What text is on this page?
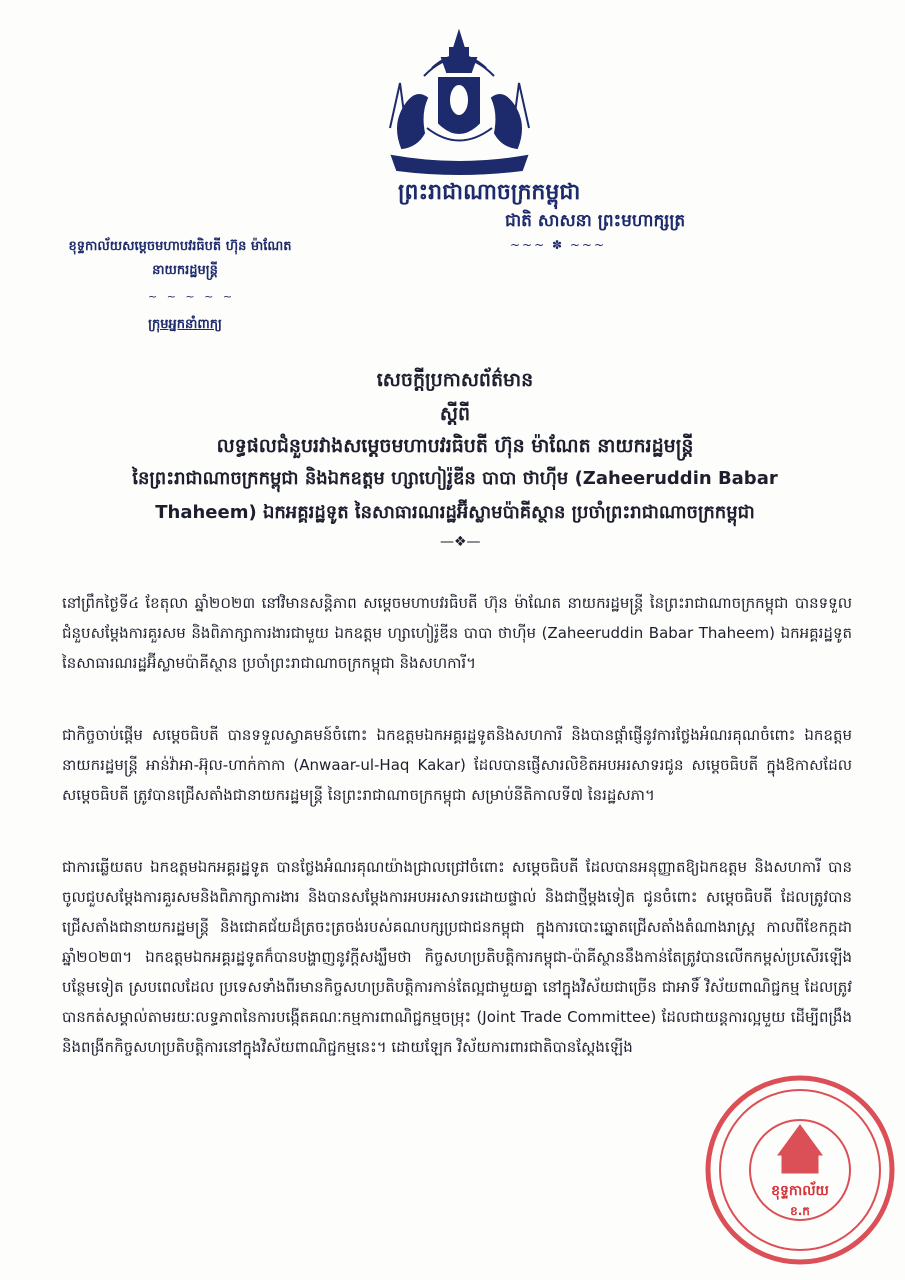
ព្រះរាជាណាចក្រកម្ពុជា
ជាតិ សាសនា ព្រះមហាក្សត្រ
~~~ ✽ ~~~
ខុទ្ទកាល័យសម្ដេចមហាបវរធិបតី ហ៊ុន ម៉ាណែត
នាយករដ្ឋមន្ត្រី
~ ~ ~ ~ ~
ក្រុមអ្នកនាំពាក្យ
សេចក្ដីប្រកាសព័ត៌មាន
ស្ដីពី
លទ្ធផលជំនួបរវាងសម្ដេចមហាបវរធិបតី ហ៊ុន ម៉ាណែត នាយករដ្ឋមន្ត្រី
នៃព្រះរាជាណាចក្រកម្ពុជា និងឯកឧត្ដម ហ្សាហៀរ៉ូឌីន បាបា ថាហ៊ីម (Zaheeruddin Babar
Thaheem) ឯកអគ្គរដ្ឋទូត នៃសាធារណរដ្ឋអ៊ីស្លាមប៉ាគីស្ថាន ប្រចាំព្រះរាជាណាចក្រកម្ពុជា
—❖—
នៅព្រឹកថ្ងៃទី៤ ខែតុលា ឆ្នាំ២០២៣ នៅវិមានសន្តិភាព សម្ដេចមហាបវរធិបតី ហ៊ុន ម៉ាណែត នាយករដ្ឋមន្ត្រី នៃព្រះរាជាណាចក្រកម្ពុជា បានទទួលជំនួបសម្ដែងការគួរសម និងពិភាក្សាការងារជាមួយ ឯកឧត្ដម ហ្សាហៀរ៉ូឌីន បាបា ថាហ៊ីម (Zaheeruddin Babar Thaheem) ឯកអគ្គរដ្ឋទូត នៃសាធារណរដ្ឋអ៊ីស្លាមប៉ាគីស្ថាន ប្រចាំព្រះរាជាណាចក្រកម្ពុជា និងសហការី។
ជាកិច្ចចាប់ផ្ដើម សម្ដេចធិបតី បានទទួលស្វាគមន៍ចំពោះ ឯកឧត្ដមឯកអគ្គរដ្ឋទូតនិងសហការី និងបានផ្ដាំផ្ញើនូវការថ្លែងអំណរគុណចំពោះ ឯកឧត្ដមនាយករដ្ឋមន្ត្រី អាន់វ៉ាអា-អ៊ុល-ហាក់កាកា (Anwaar-ul-Haq Kakar) ដែលបានផ្ញើសារលិខិតអបអរសាទរជូន សម្ដេចធិបតី ក្នុងឱកាសដែល សម្ដេចធិបតី ត្រូវបានជ្រើសតាំងជានាយករដ្ឋមន្ត្រី នៃព្រះរាជាណាចក្រកម្ពុជា សម្រាប់នីតិកាលទី៧ នៃរដ្ឋសភា។
ជាការឆ្លើយតប ឯកឧត្ដមឯកអគ្គរដ្ឋទូត បានថ្លែងអំណរគុណយ៉ាងជ្រាលជ្រៅចំពោះ សម្ដេចធិបតី ដែលបានអនុញ្ញាតឱ្យឯកឧត្ដម និងសហការី បានចូលជួបសម្ដែងការគួរសមនិងពិភាក្សាការងារ និងបានសម្ដែងការអបអរសាទរដោយផ្ទាល់ និងជាថ្មីម្ដងទៀត ជូនចំពោះ សម្ដេចធិបតី ដែលត្រូវបានជ្រើសតាំងជានាយករដ្ឋមន្ត្រី និងជោគជ័យដ៏ត្រចះត្រចង់របស់គណបក្សប្រជាជនកម្ពុជា ក្នុងការបោះឆ្នោតជ្រើសតាំងតំណាងរាស្ត្រ កាលពីខែកក្កដា ឆ្នាំ២០២៣។ ឯកឧត្ដមឯកអគ្គរដ្ឋទូតក៏បានបង្ហាញនូវក្ដីសង្ឃឹមថា កិច្ចសហប្រតិបត្តិការកម្ពុជា-ប៉ាគីស្ថាននឹងកាន់តែត្រូវបានលើកកម្ពស់ប្រសើរឡើងបន្ថែមទៀត ស្របពេលដែល ប្រទេសទាំងពីរមានកិច្ចសហប្រតិបត្តិការកាន់តែល្អជាមួយគ្នា នៅក្នុងវិស័យជាច្រើន ជាអាទិ៍ វិស័យពាណិជ្ជកម្ម ដែលត្រូវបានកត់សម្គាល់តាមរយៈលទ្ធភាពនៃការបង្កើតគណៈកម្មការពាណិជ្ជកម្មចម្រុះ (Joint Trade Committee) ដែលជាយន្តការល្អមួយ ដើម្បីពង្រឹង និងពង្រីកកិច្ចសហប្រតិបត្តិការនៅក្នុងវិស័យពាណិជ្ជកម្មនេះ។ ដោយឡែក វិស័យការពារជាតិបានស្ដែងឡើង
ខុទ្ទកាល័យ
ខ.ក
